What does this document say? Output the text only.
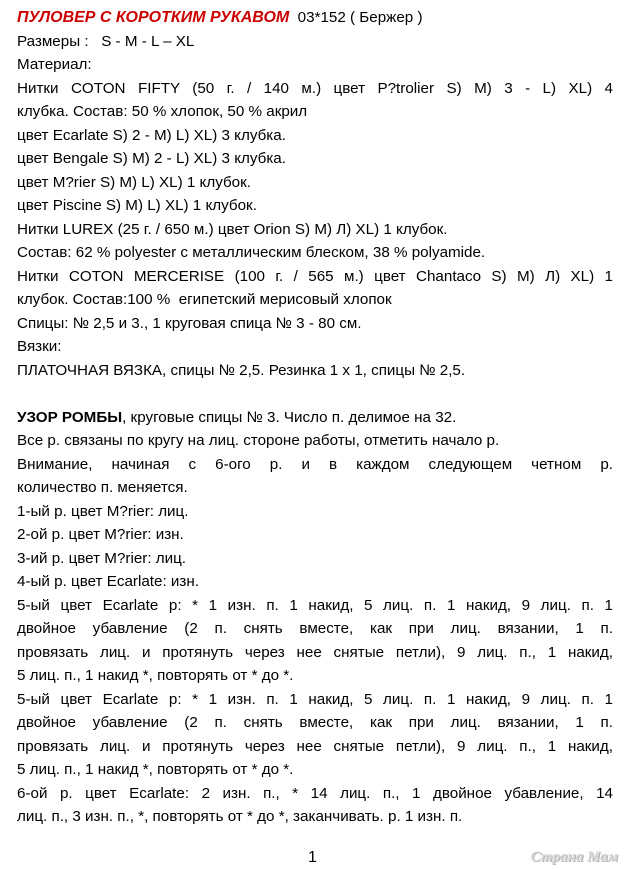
ПУЛОВЕР С КОРОТКИМ РУКАВОМ 03*152 ( Бержер )

Размеры :   S - M - L – XL

Материал:

Нитки COTON FIFTY (50 г. / 140 м.) цвет P?trolier S) M) 3 - L) XL) 4

клубка. Состав: 50 % хлопок, 50 % акрил

цвет Ecarlate S) 2 - M) L) XL) 3 клубка.

цвет Bengale S) M) 2 - L) XL) 3 клубка.

цвет M?rier S) M) L) XL) 1 клубок.

цвет Piscine S) M) L) XL) 1 клубок.

Нитки LUREX (25 г. / 650 м.) цвет Orion S) M) Л) XL) 1 клубок.

Состав: 62 % polyester с металлическим блеском, 38 % polyamide.

Нитки COTON MERCERISE (100 г. / 565 м.) цвет Chantaco S) M) Л) XL) 1

клубок. Состав:100 %  египетский мерисовый хлопок

Спицы: № 2,5 и 3., 1 круговая спица № 3 - 80 см.

Вязки:

ПЛАТОЧНАЯ ВЯЗКА, спицы № 2,5. Резинка 1 х 1, спицы № 2,5.

УЗОР РОМБЫ, круговые спицы № 3. Число п. делимое на 32.

Все р. связаны по кругу на лиц. стороне работы, отметить начало р.

Внимание, начиная с 6-ого р. и в каждом следующем четном р.

количество п. меняется.

1-ый р. цвет M?rier: лиц.

2-ой р. цвет M?rier: изн.

3-ий р. цвет M?rier: лиц.

4-ый р. цвет Ecarlate: изн.

5-ый цвет Ecarlate р: * 1 изн. п. 1 накид, 5 лиц. п. 1 накид, 9 лиц. п. 1

двойное убавление (2 п. снять вместе, как при лиц. вязании, 1 п.

провязать лиц. и протянуть через нее снятые петли), 9 лиц. п., 1 накид,

5 лиц. п., 1 накид *, повторять от * до *.

5-ый цвет Ecarlate р: * 1 изн. п. 1 накид, 5 лиц. п. 1 накид, 9 лиц. п. 1

двойное убавление (2 п. снять вместе, как при лиц. вязании, 1 п.

провязать лиц. и протянуть через нее снятые петли), 9 лиц. п., 1 накид,

5 лиц. п., 1 накид *, повторять от * до *.

6-ой р. цвет Ecarlate: 2 изн. п., * 14 лиц. п., 1 двойное убавление, 14

лиц. п., 3 изн. п., *, повторять от * до *, заканчивать. р. 1 изн. п.

1	Страна Мам
